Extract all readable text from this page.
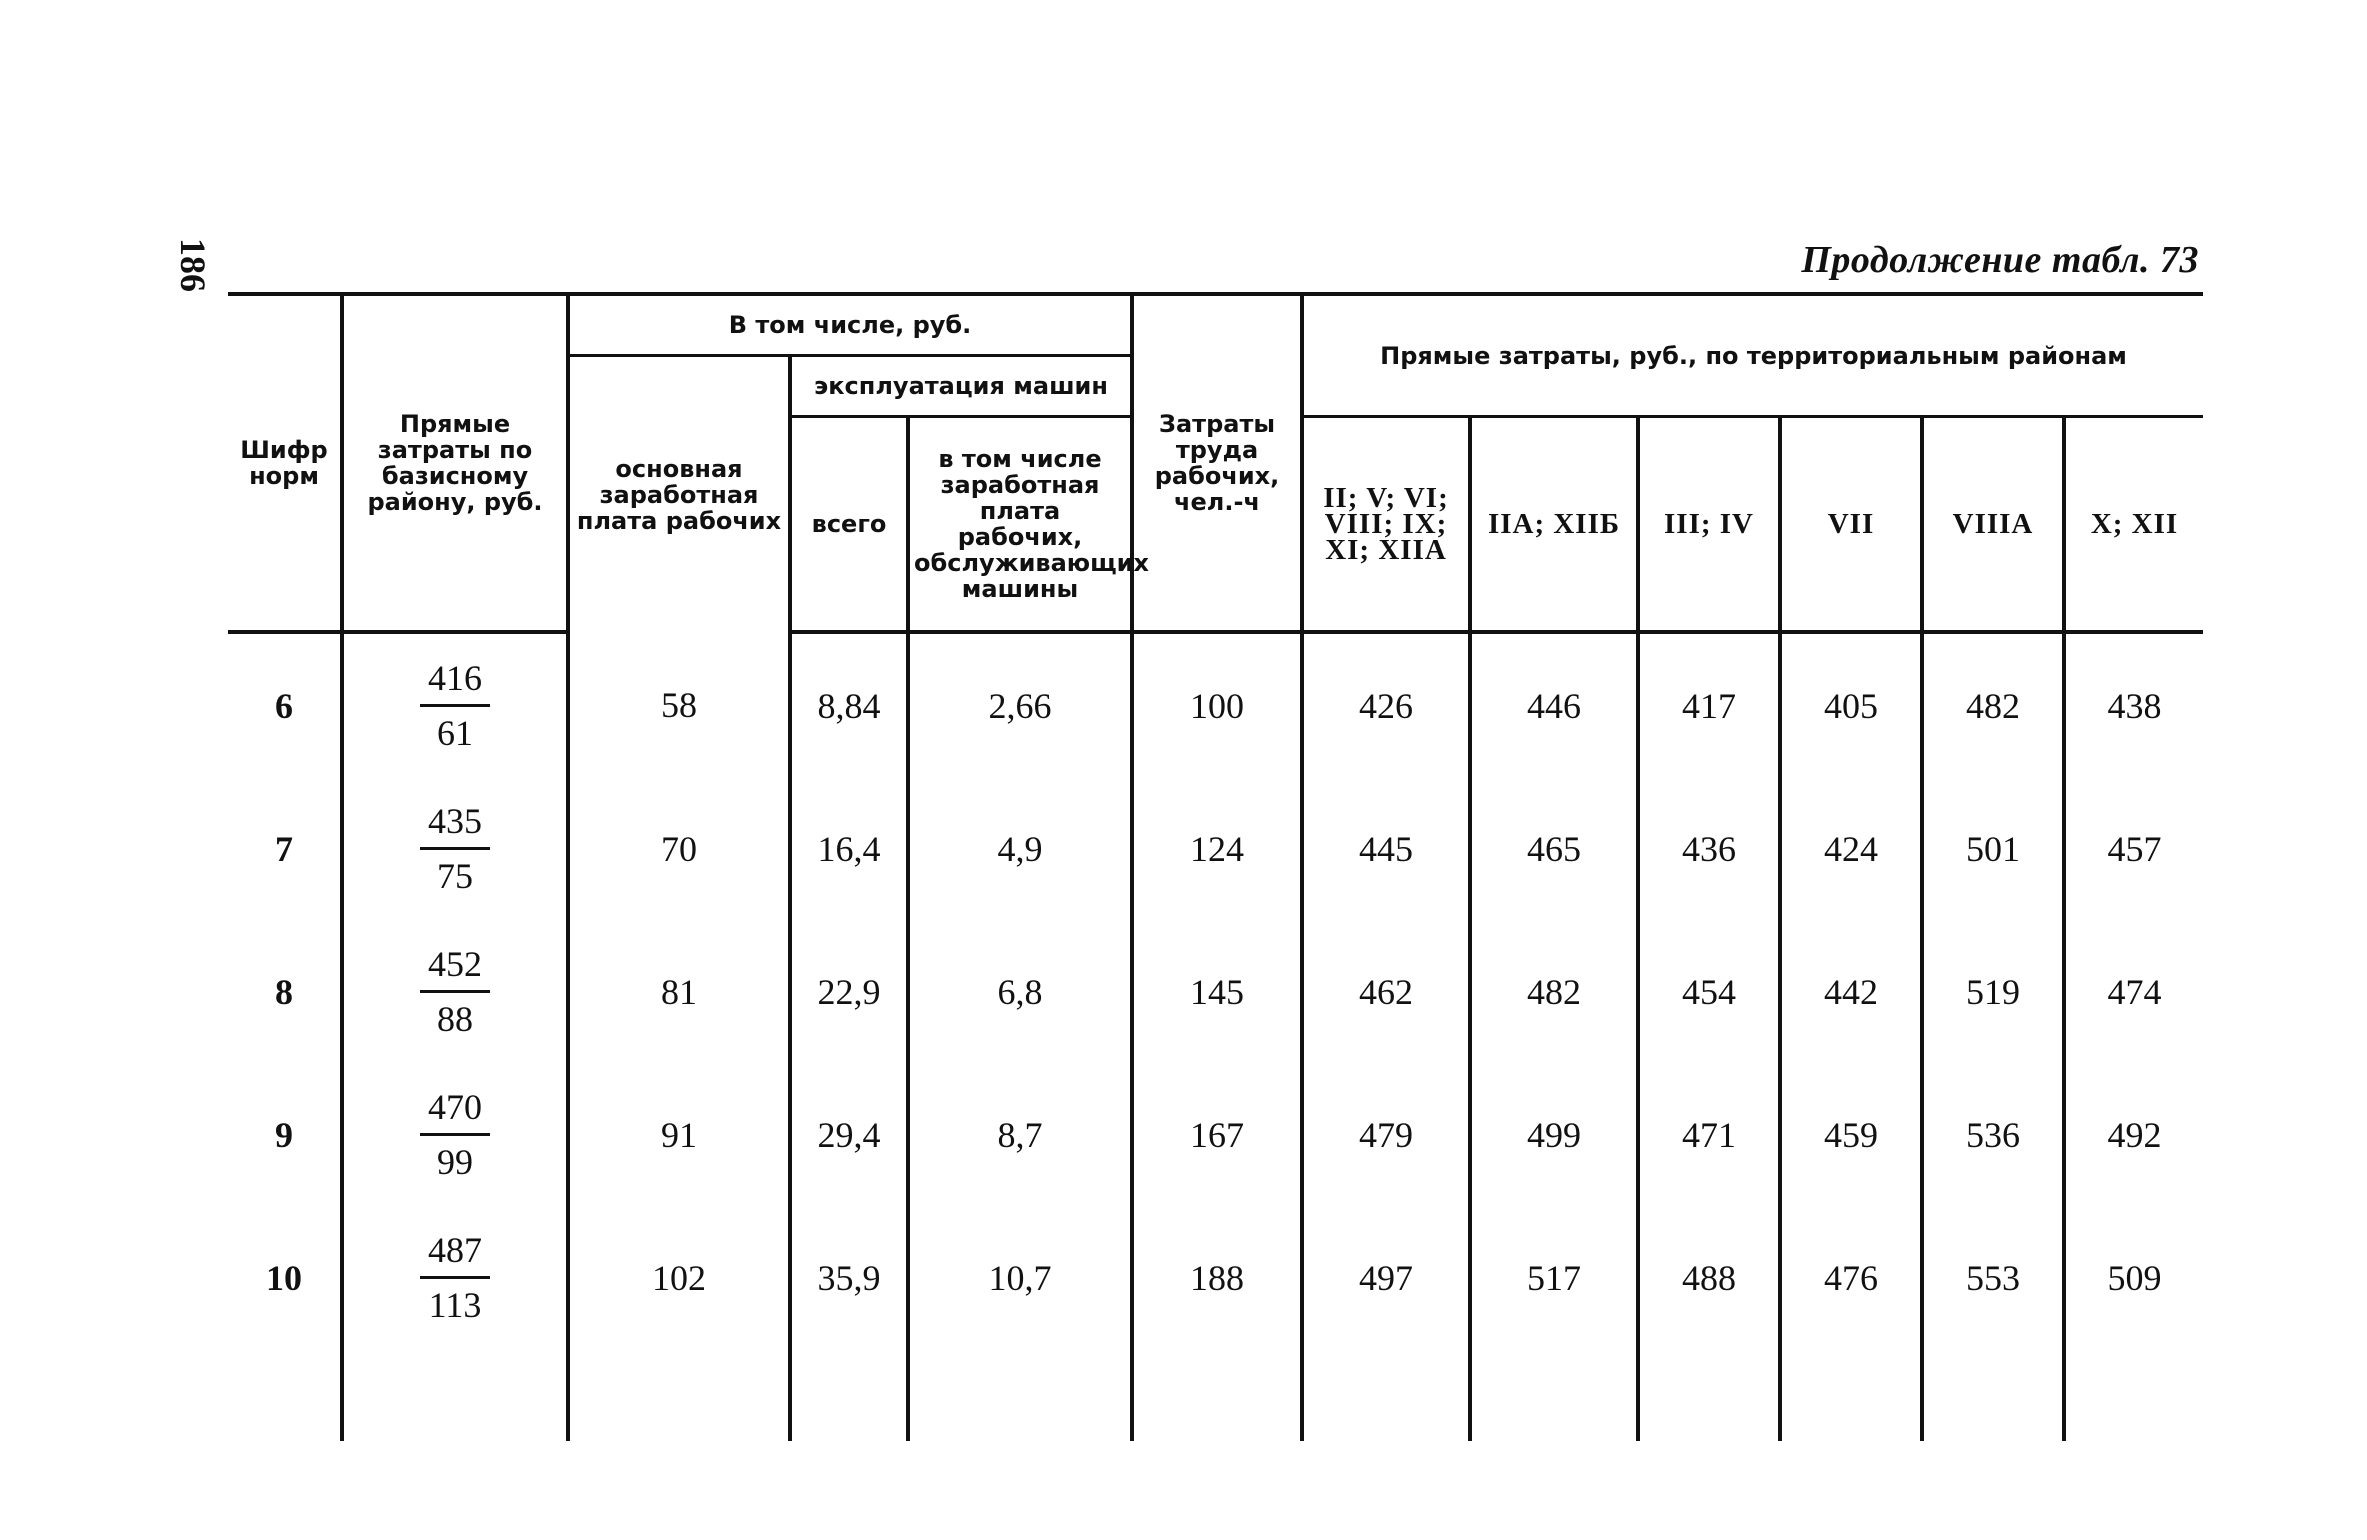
186	Продолжение табл. 73
Шифр норм	Прямые затраты по базисному району, руб.	В том числе, руб.			Затраты труда рабочих, чел.-ч	Прямые затраты, руб., по территориальным районам					
		основная заработная плата рабочих	эксплуатация машин								
			всего	в том числе заработная плата рабочих, обслуживающих машины		II; V; VI; VIII; IX; XI; XIIА	IIА; XIIБ	III; IV	VII	VIIIА	X; XII
6	$\frac{416}{61}$	58	8,84	2,66	100	426	446	417	405	482	438
7	$\frac{435}{75}$	70	16,4	4,9	124	445	465	436	424	501	457
8	$\frac{452}{88}$	81	22,9	6,8	145	462	482	454	442	519	474
9	$\frac{470}{99}$	91	29,4	8,7	167	479	499	471	459	536	492
10	$\frac{487}{113}$	102	35,9	10,7	188	497	517	488	476	553	509
